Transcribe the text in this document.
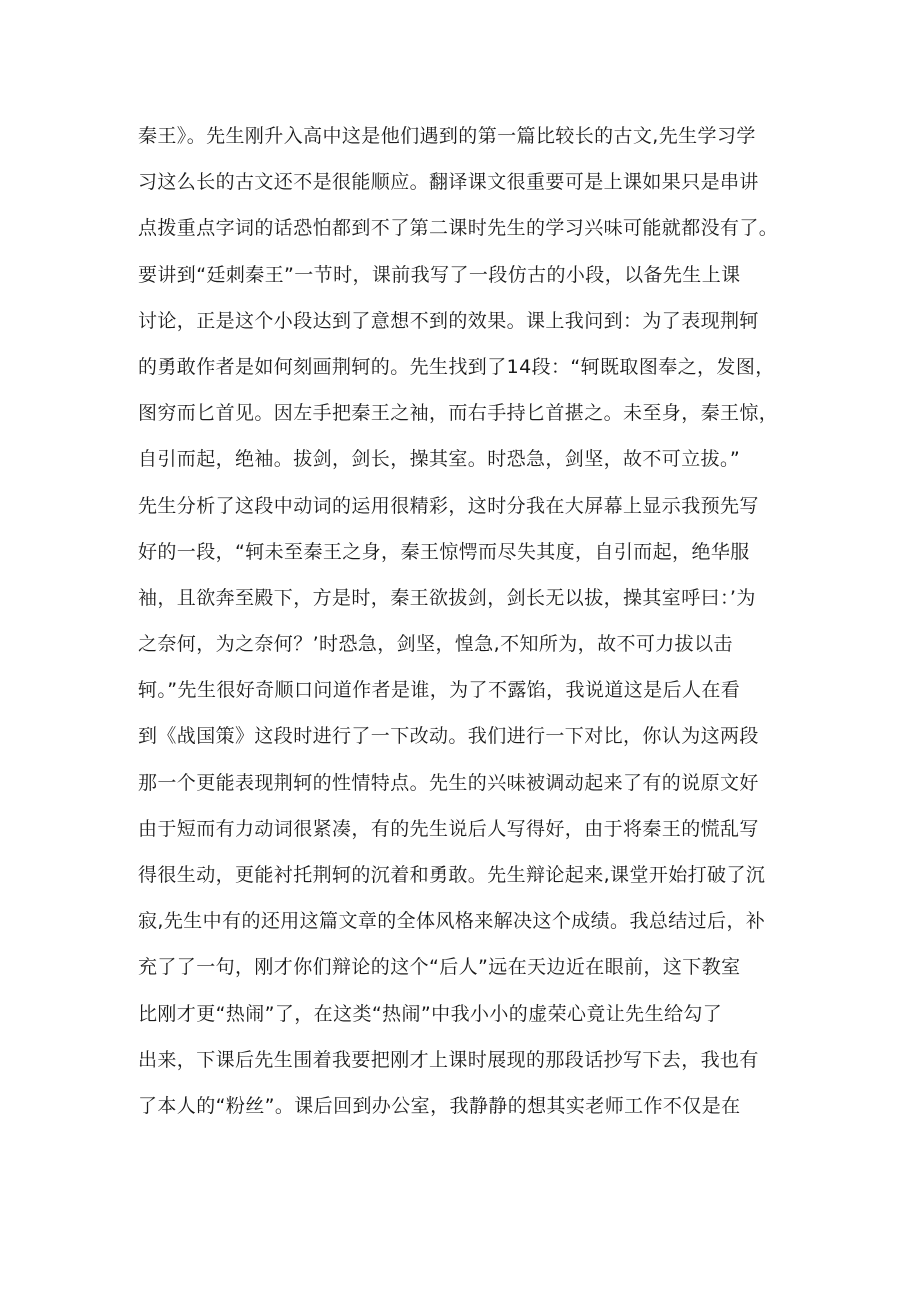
秦王》。先生刚升入高中这是他们遇到的第一篇比较长的古文,先生学习学
习这么长的古文还不是很能顺应。翻译课文很重要可是上课如果只是串讲
点拨重点字词的话恐怕都到不了第二课时先生的学习兴味可能就都没有了。
要讲到“廷刺秦王”一节时，课前我写了一段仿古的小段，以备先生上课
讨论，正是这个小段达到了意想不到的效果。课上我问到：为了表现荆轲
的勇敢作者是如何刻画荆轲的。先生找到了14段：“轲既取图奉之，发图，
图穷而匕首见。因左手把秦王之袖，而右手持匕首揕之。未至身，秦王惊，
自引而起，绝袖。拔剑，剑长，操其室。时恐急，剑坚，故不可立拔。”
先生分析了这段中动词的运用很精彩，这时分我在大屏幕上显示我预先写
好的一段，“轲未至秦王之身，秦王惊愕而尽失其度，自引而起，绝华服
袖，且欲奔至殿下，方是时，秦王欲拔剑，剑长无以拔，操其室呼曰：’为
之奈何，为之奈何？’时恐急，剑坚，惶急,不知所为，故不可力拔以击
轲。”先生很好奇顺口问道作者是谁，为了不露馅，我说道这是后人在看
到《战国策》这段时进行了一下改动。我们进行一下对比，你认为这两段
那一个更能表现荆轲的性情特点。先生的兴味被调动起来了有的说原文好
由于短而有力动词很紧凑，有的先生说后人写得好，由于将秦王的慌乱写
得很生动，更能衬托荆轲的沉着和勇敢。先生辩论起来,课堂开始打破了沉
寂,先生中有的还用这篇文章的全体风格来解决这个成绩。我总结过后，补
充了了一句，刚才你们辩论的这个“后人”远在天边近在眼前，这下教室
比刚才更“热闹”了，在这类“热闹”中我小小的虚荣心竟让先生给勾了
出来，下课后先生围着我要把刚才上课时展现的那段话抄写下去，我也有
了本人的“粉丝”。课后回到办公室，我静静的想其实老师工作不仅是在
